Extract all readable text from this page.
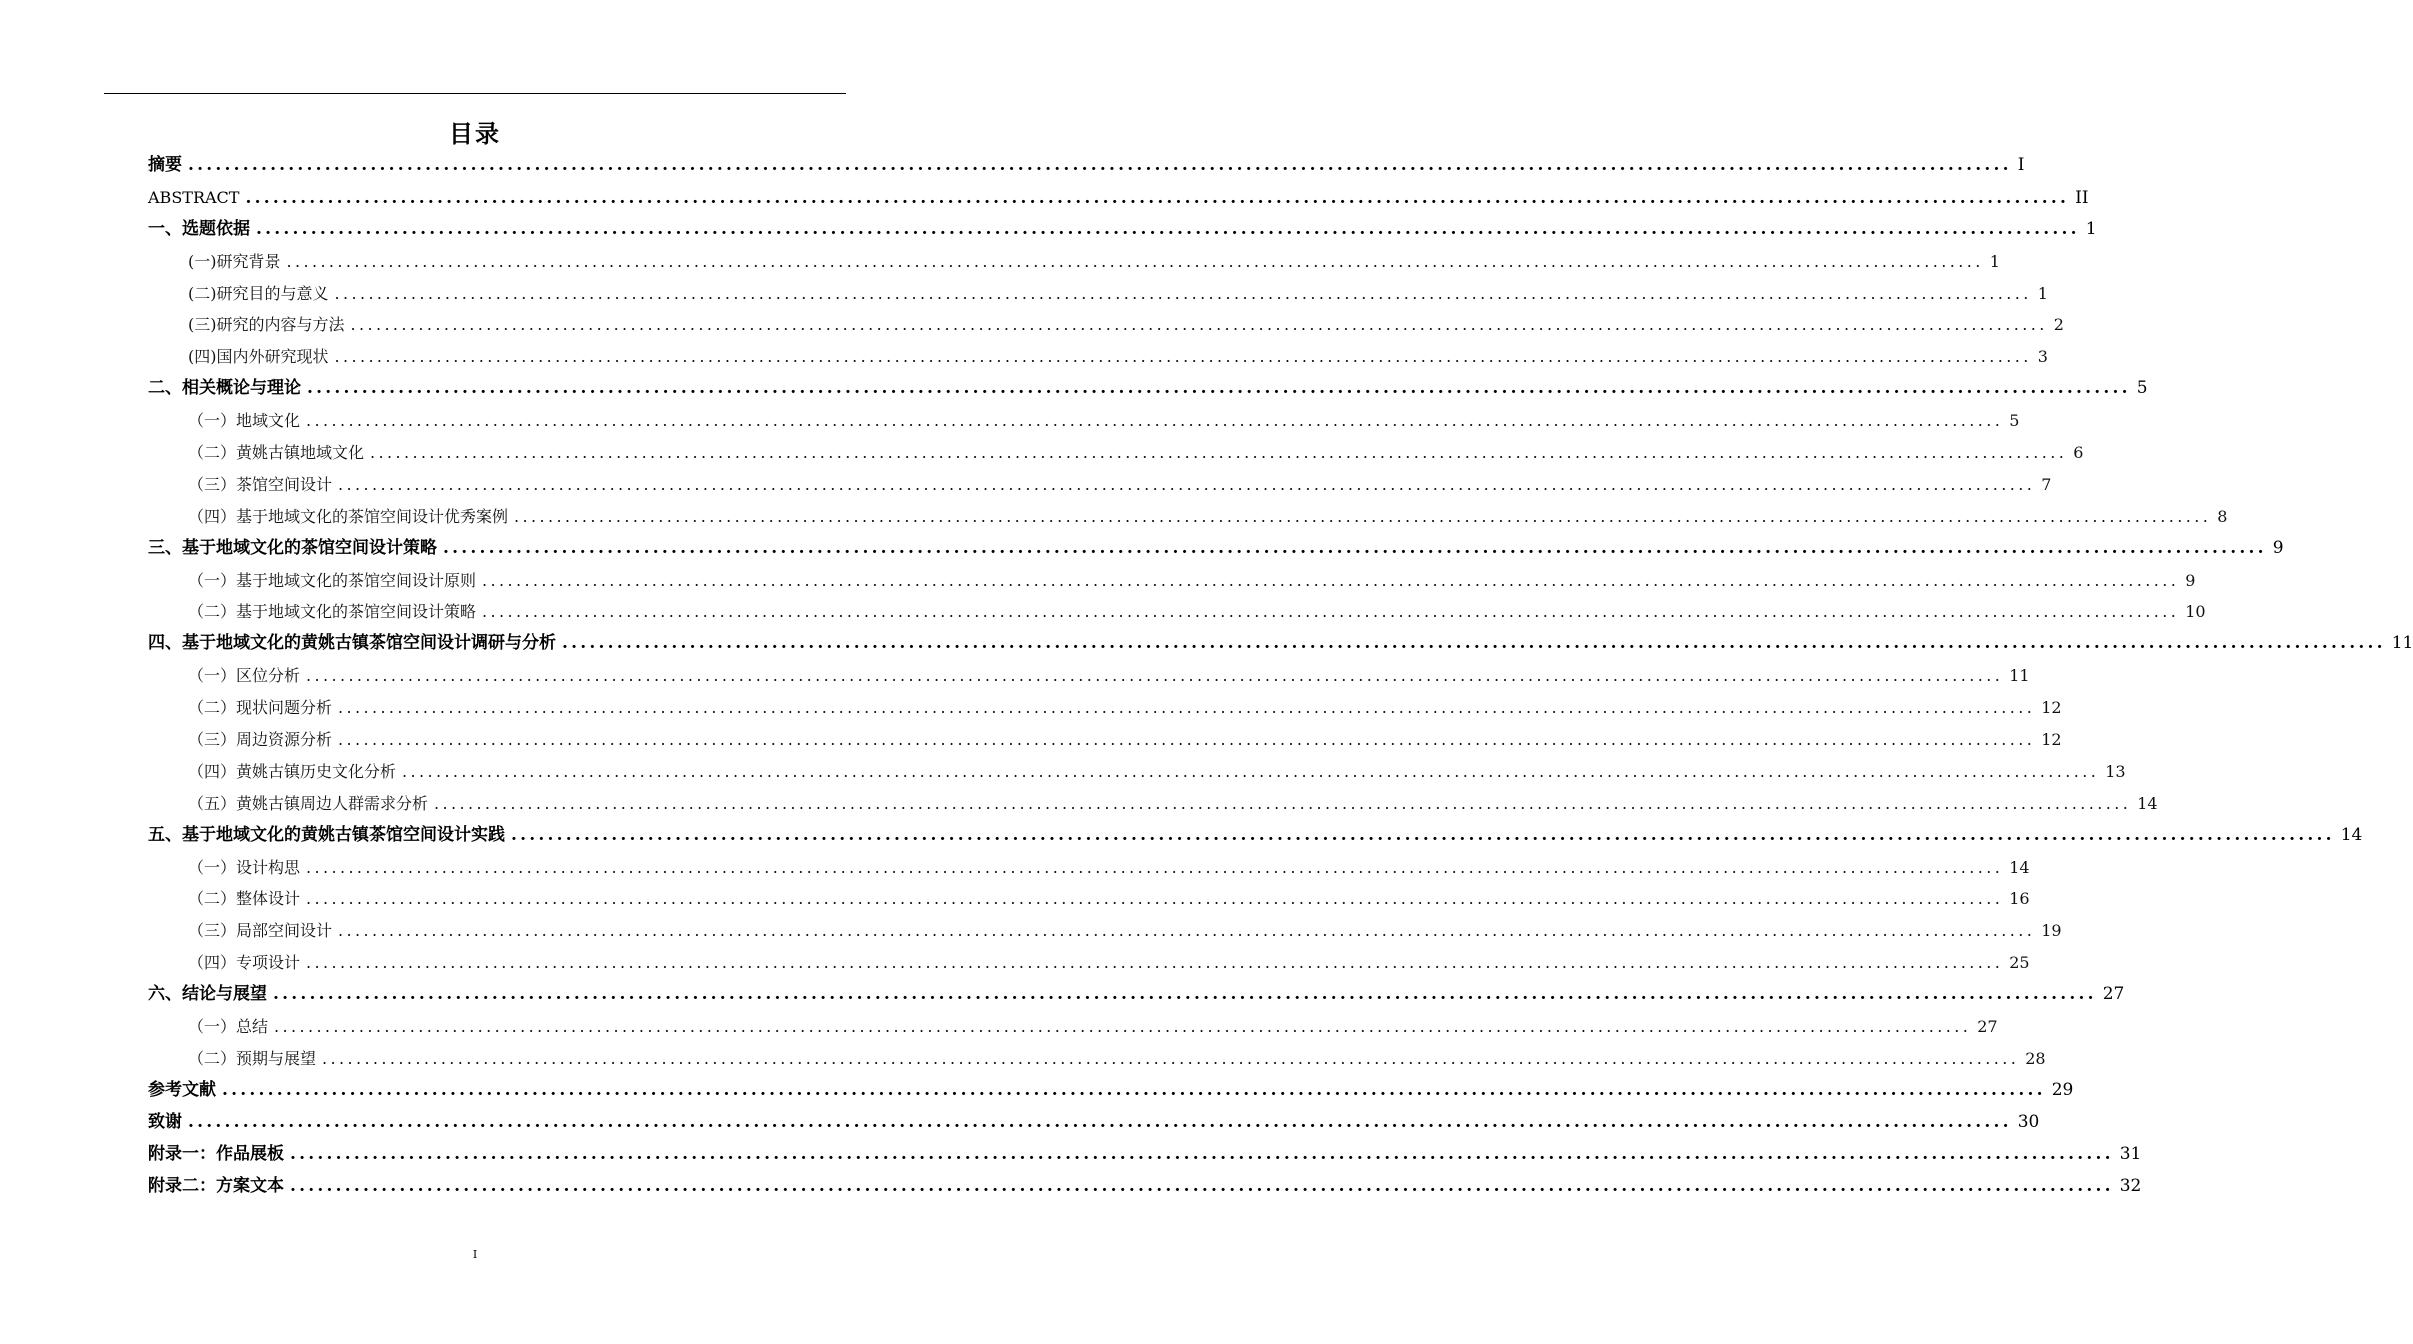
目录
摘要 ........................................................................................................................................................................................................ I
ABSTRACT ........................................................................................................................................................................................................ II
一、选题依据 ........................................................................................................................................................................................................ 1
(一)研究背景 ........................................................................................................................................................................................................ 1
(二)研究目的与意义 ........................................................................................................................................................................................................ 1
(三)研究的内容与方法 ........................................................................................................................................................................................................ 2
(四)国内外研究现状 ........................................................................................................................................................................................................ 3
二、相关概论与理论 ........................................................................................................................................................................................................ 5
（一）地域文化 ........................................................................................................................................................................................................ 5
（二）黄姚古镇地域文化 ........................................................................................................................................................................................................ 6
（三）茶馆空间设计 ........................................................................................................................................................................................................ 7
（四）基于地域文化的茶馆空间设计优秀案例 ........................................................................................................................................................................................................ 8
三、基于地域文化的茶馆空间设计策略 ........................................................................................................................................................................................................ 9
（一）基于地域文化的茶馆空间设计原则 ........................................................................................................................................................................................................ 9
（二）基于地域文化的茶馆空间设计策略 ........................................................................................................................................................................................................ 10
四、基于地域文化的黄姚古镇茶馆空间设计调研与分析 ........................................................................................................................................................................................................ 11
（一）区位分析 ........................................................................................................................................................................................................ 11
（二）现状问题分析 ........................................................................................................................................................................................................ 12
（三）周边资源分析 ........................................................................................................................................................................................................ 12
（四）黄姚古镇历史文化分析 ........................................................................................................................................................................................................ 13
（五）黄姚古镇周边人群需求分析 ........................................................................................................................................................................................................ 14
五、基于地域文化的黄姚古镇茶馆空间设计实践 ........................................................................................................................................................................................................ 14
（一）设计构思 ........................................................................................................................................................................................................ 14
（二）整体设计 ........................................................................................................................................................................................................ 16
（三）局部空间设计 ........................................................................................................................................................................................................ 19
（四）专项设计 ........................................................................................................................................................................................................ 25
六、结论与展望 ........................................................................................................................................................................................................ 27
（一）总结 ........................................................................................................................................................................................................ 27
（二）预期与展望 ........................................................................................................................................................................................................ 28
参考文献 ........................................................................................................................................................................................................ 29
致谢 ........................................................................................................................................................................................................ 30
附录一：作品展板 ........................................................................................................................................................................................................ 31
附录二：方案文本 ........................................................................................................................................................................................................ 32
I
